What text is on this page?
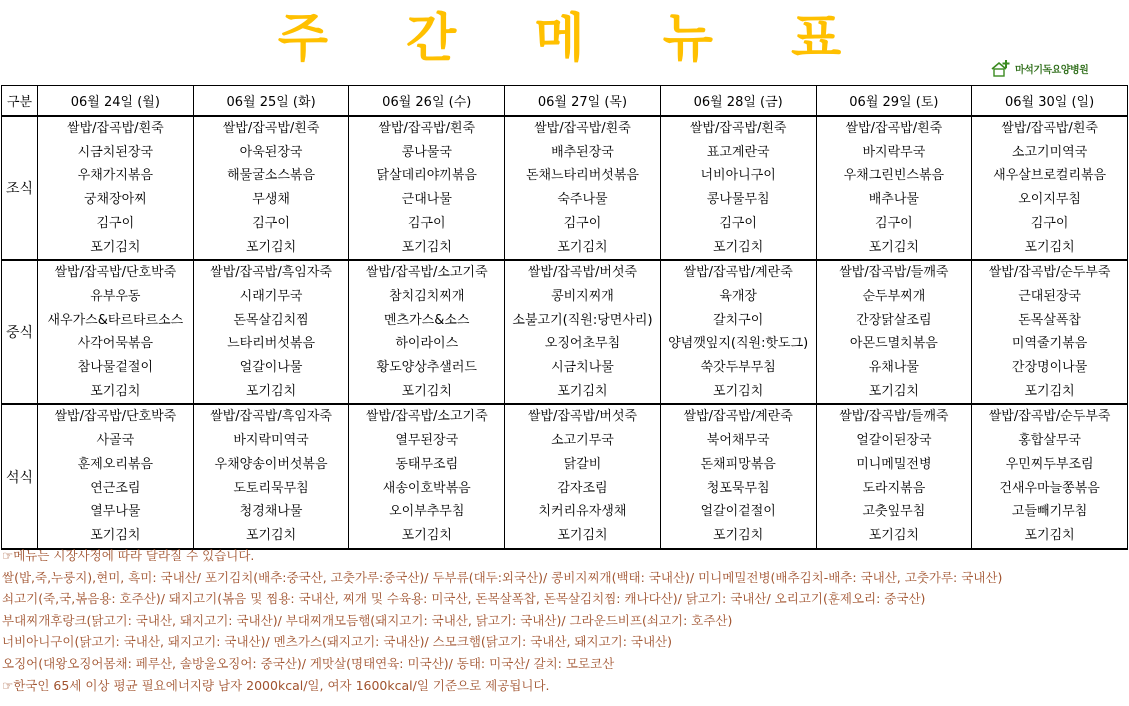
주 간 메 뉴 표
마석기독요양병원
구분	06월 24일 (월)	06월 25일 (화)	06월 26일 (수)	06월 27일 (목)	06월 28일 (금)	06월 29일 (토)	06월 30일 (일)
조식	쌀밥/잡곡밥/흰죽	쌀밥/잡곡밥/흰죽	쌀밥/잡곡밥/흰죽	쌀밥/잡곡밥/흰죽	쌀밥/잡곡밥/흰죽	쌀밥/잡곡밥/흰죽	쌀밥/잡곡밥/흰죽
	시금치된장국	아욱된장국	콩나물국	배추된장국	표고계란국	바지락무국	소고기미역국
	우채가지볶음	해물굴소스볶음	닭살데리야끼볶음	돈채느타리버섯볶음	너비아니구이	우채그린빈스볶음	새우살브로컬리볶음
	궁채장아찌	무생채	근대나물	숙주나물	콩나물무침	배추나물	오이지무침
	김구이	김구이	김구이	김구이	김구이	김구이	김구이
	포기김치	포기김치	포기김치	포기김치	포기김치	포기김치	포기김치
중식	쌀밥/잡곡밥/단호박죽	쌀밥/잡곡밥/흑임자죽	쌀밥/잡곡밥/소고기죽	쌀밥/잡곡밥/버섯죽	쌀밥/잡곡밥/계란죽	쌀밥/잡곡밥/들깨죽	쌀밥/잡곡밥/순두부죽
	유부우동	시래기무국	참치김치찌개	콩비지찌개	육개장	순두부찌개	근대된장국
	새우가스&타르타르소스	돈목살김치찜	멘츠가스&소스	소불고기(직원:당면사리)	갈치구이	간장닭살조림	돈목살폭찹
	사각어묵볶음	느타리버섯볶음	하이라이스	오징어초무침	양념깻잎지(직원:핫도그)	아몬드멸치볶음	미역줄기볶음
	참나물겉절이	얼갈이나물	황도양상추샐러드	시금치나물	쑥갓두부무침	유채나물	간장명이나물
	포기김치	포기김치	포기김치	포기김치	포기김치	포기김치	포기김치
석식	쌀밥/잡곡밥/단호박죽	쌀밥/잡곡밥/흑임자죽	쌀밥/잡곡밥/소고기죽	쌀밥/잡곡밥/버섯죽	쌀밥/잡곡밥/계란죽	쌀밥/잡곡밥/들깨죽	쌀밥/잡곡밥/순두부죽
	사골국	바지락미역국	열무된장국	소고기무국	북어채무국	얼갈이된장국	홍합살무국
	훈제오리볶음	우채양송이버섯볶음	동태무조림	닭갈비	돈채피망볶음	미니메밀전병	우민찌두부조림
	연근조림	도토리묵무침	새송이호박볶음	감자조림	청포묵무침	도라지볶음	건새우마늘쫑볶음
	열무나물	청경채나물	오이부추무침	치커리유자생채	얼갈이겉절이	고춧잎무침	고들빼기무침
	포기김치	포기김치	포기김치	포기김치	포기김치	포기김치	포기김치
☞메뉴는 시장사정에 따라 달라질 수 있습니다.
쌀(밥,죽,누룽지),현미, 흑미: 국내산/ 포기김치(배추:중국산, 고춧가루:중국산)/ 두부류(대두:외국산)/ 콩비지찌개(백태: 국내산)/ 미니메밀전병(배추김치-배추: 국내산, 고춧가루: 국내산)
쇠고기(죽,국,볶음용: 호주산)/ 돼지고기(볶음 및 찜용: 국내산, 찌개 및 수육용: 미국산, 돈목살폭찹, 돈목살김치찜: 캐나다산)/ 닭고기: 국내산/ 오리고기(훈제오리: 중국산)
부대찌개후랑크(닭고기: 국내산, 돼지고기: 국내산)/ 부대찌개모듬햄(돼지고기: 국내산, 닭고기: 국내산)/ 그라운드비프(쇠고기: 호주산)
너비아니구이(닭고기: 국내산, 돼지고기: 국내산)/ 멘츠가스(돼지고기: 국내산)/ 스모크햄(닭고기: 국내산, 돼지고기: 국내산)
오징어(대왕오징어몸채: 페루산, 솔방울오징어: 중국산)/ 게맛살(명태연육: 미국산)/ 동태: 미국산/ 갈치: 모로코산
☞한국인 65세 이상 평균 필요에너지량 남자 2000kcal/일, 여자 1600kcal/일 기준으로 제공됩니다.
